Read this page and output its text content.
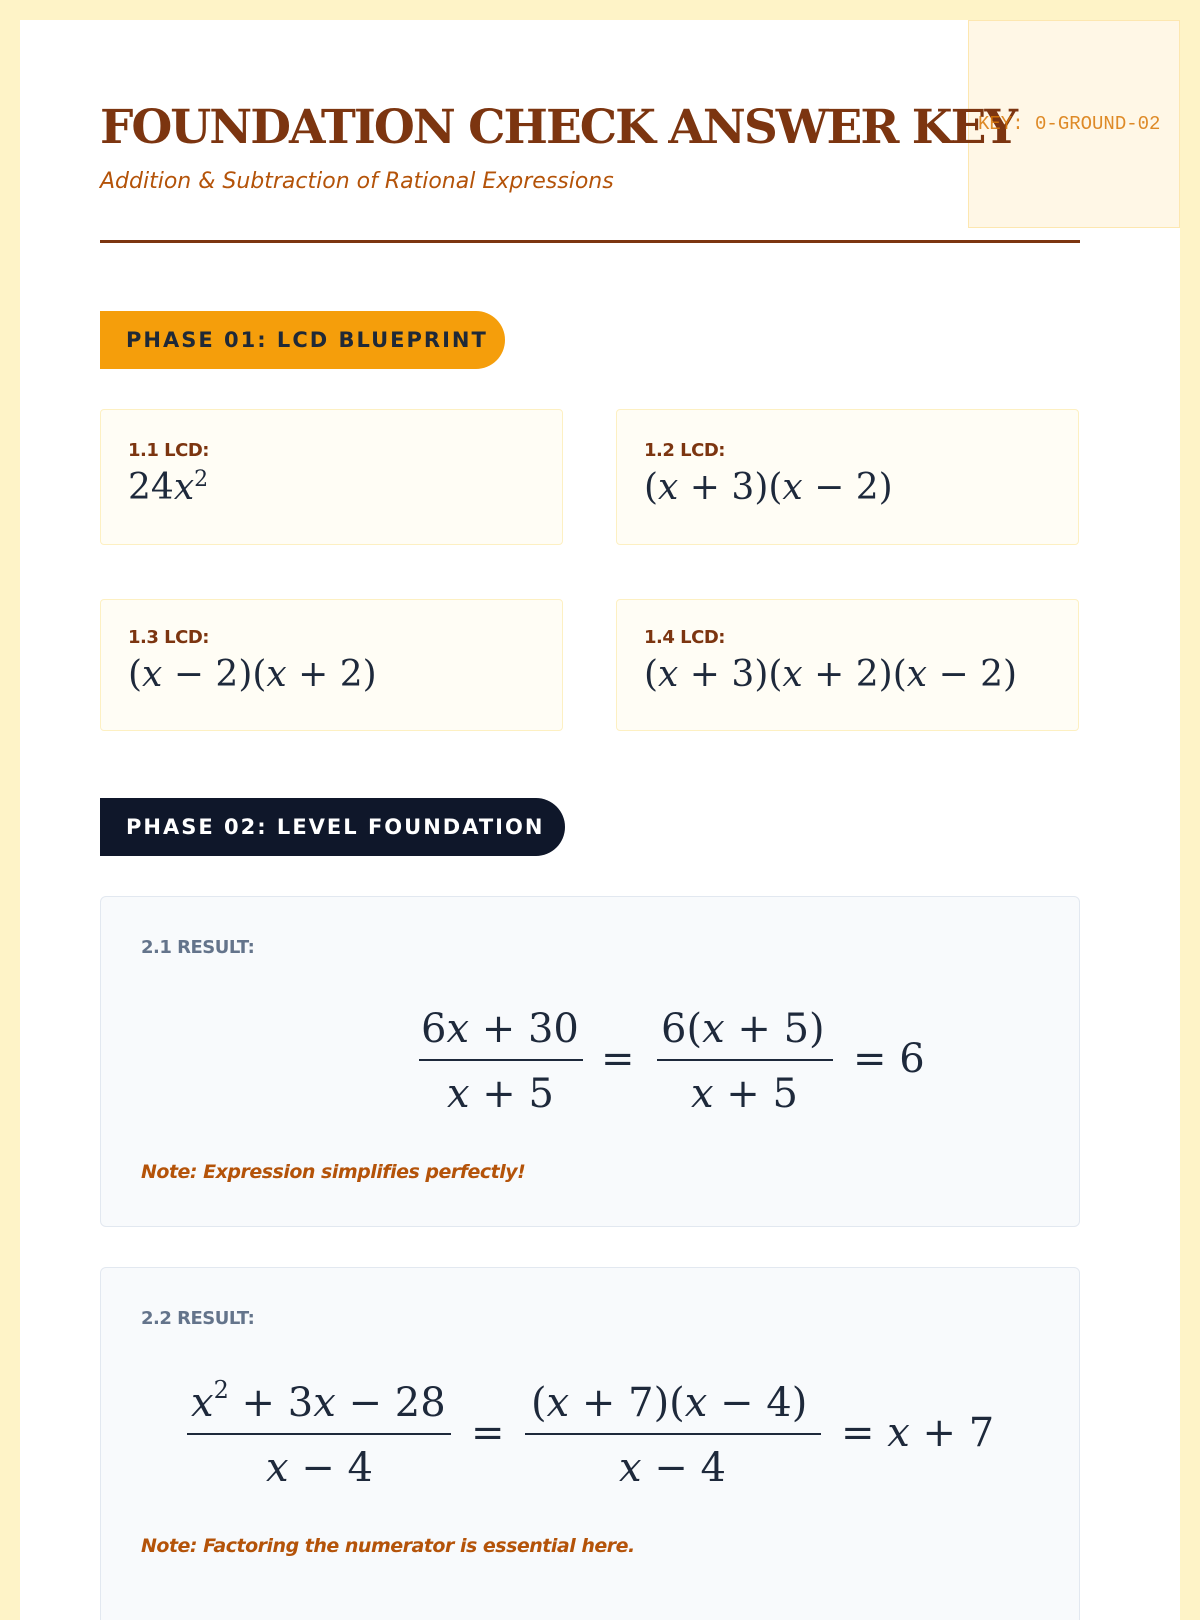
KEY: 0-GROUND-02
FOUNDATION CHECK ANSWER KEY

Addition & Subtraction of Rational Expressions

PHASE 01: LCD BLUEPRINT
1.1 LCD:
$24x^2$
1.2 LCD:
(x + 3)(x − 2)
1.3 LCD:
(x − 2)(x + 2)
1.4 LCD:
(x + 3)(x + 2)(x − 2)
PHASE 02: LEVEL FOUNDATION
2.1 RESULT:
6x + 30
x + 5
=
6(x + 5)
x + 5
= 6
Note: Expression simplifies perfectly!
2.2 RESULT:
$x^2 + 3x - 28$
x − 4
=
(x + 7)(x − 4)
x − 4
= x + 7
Note: Factoring the numerator is essential here.
